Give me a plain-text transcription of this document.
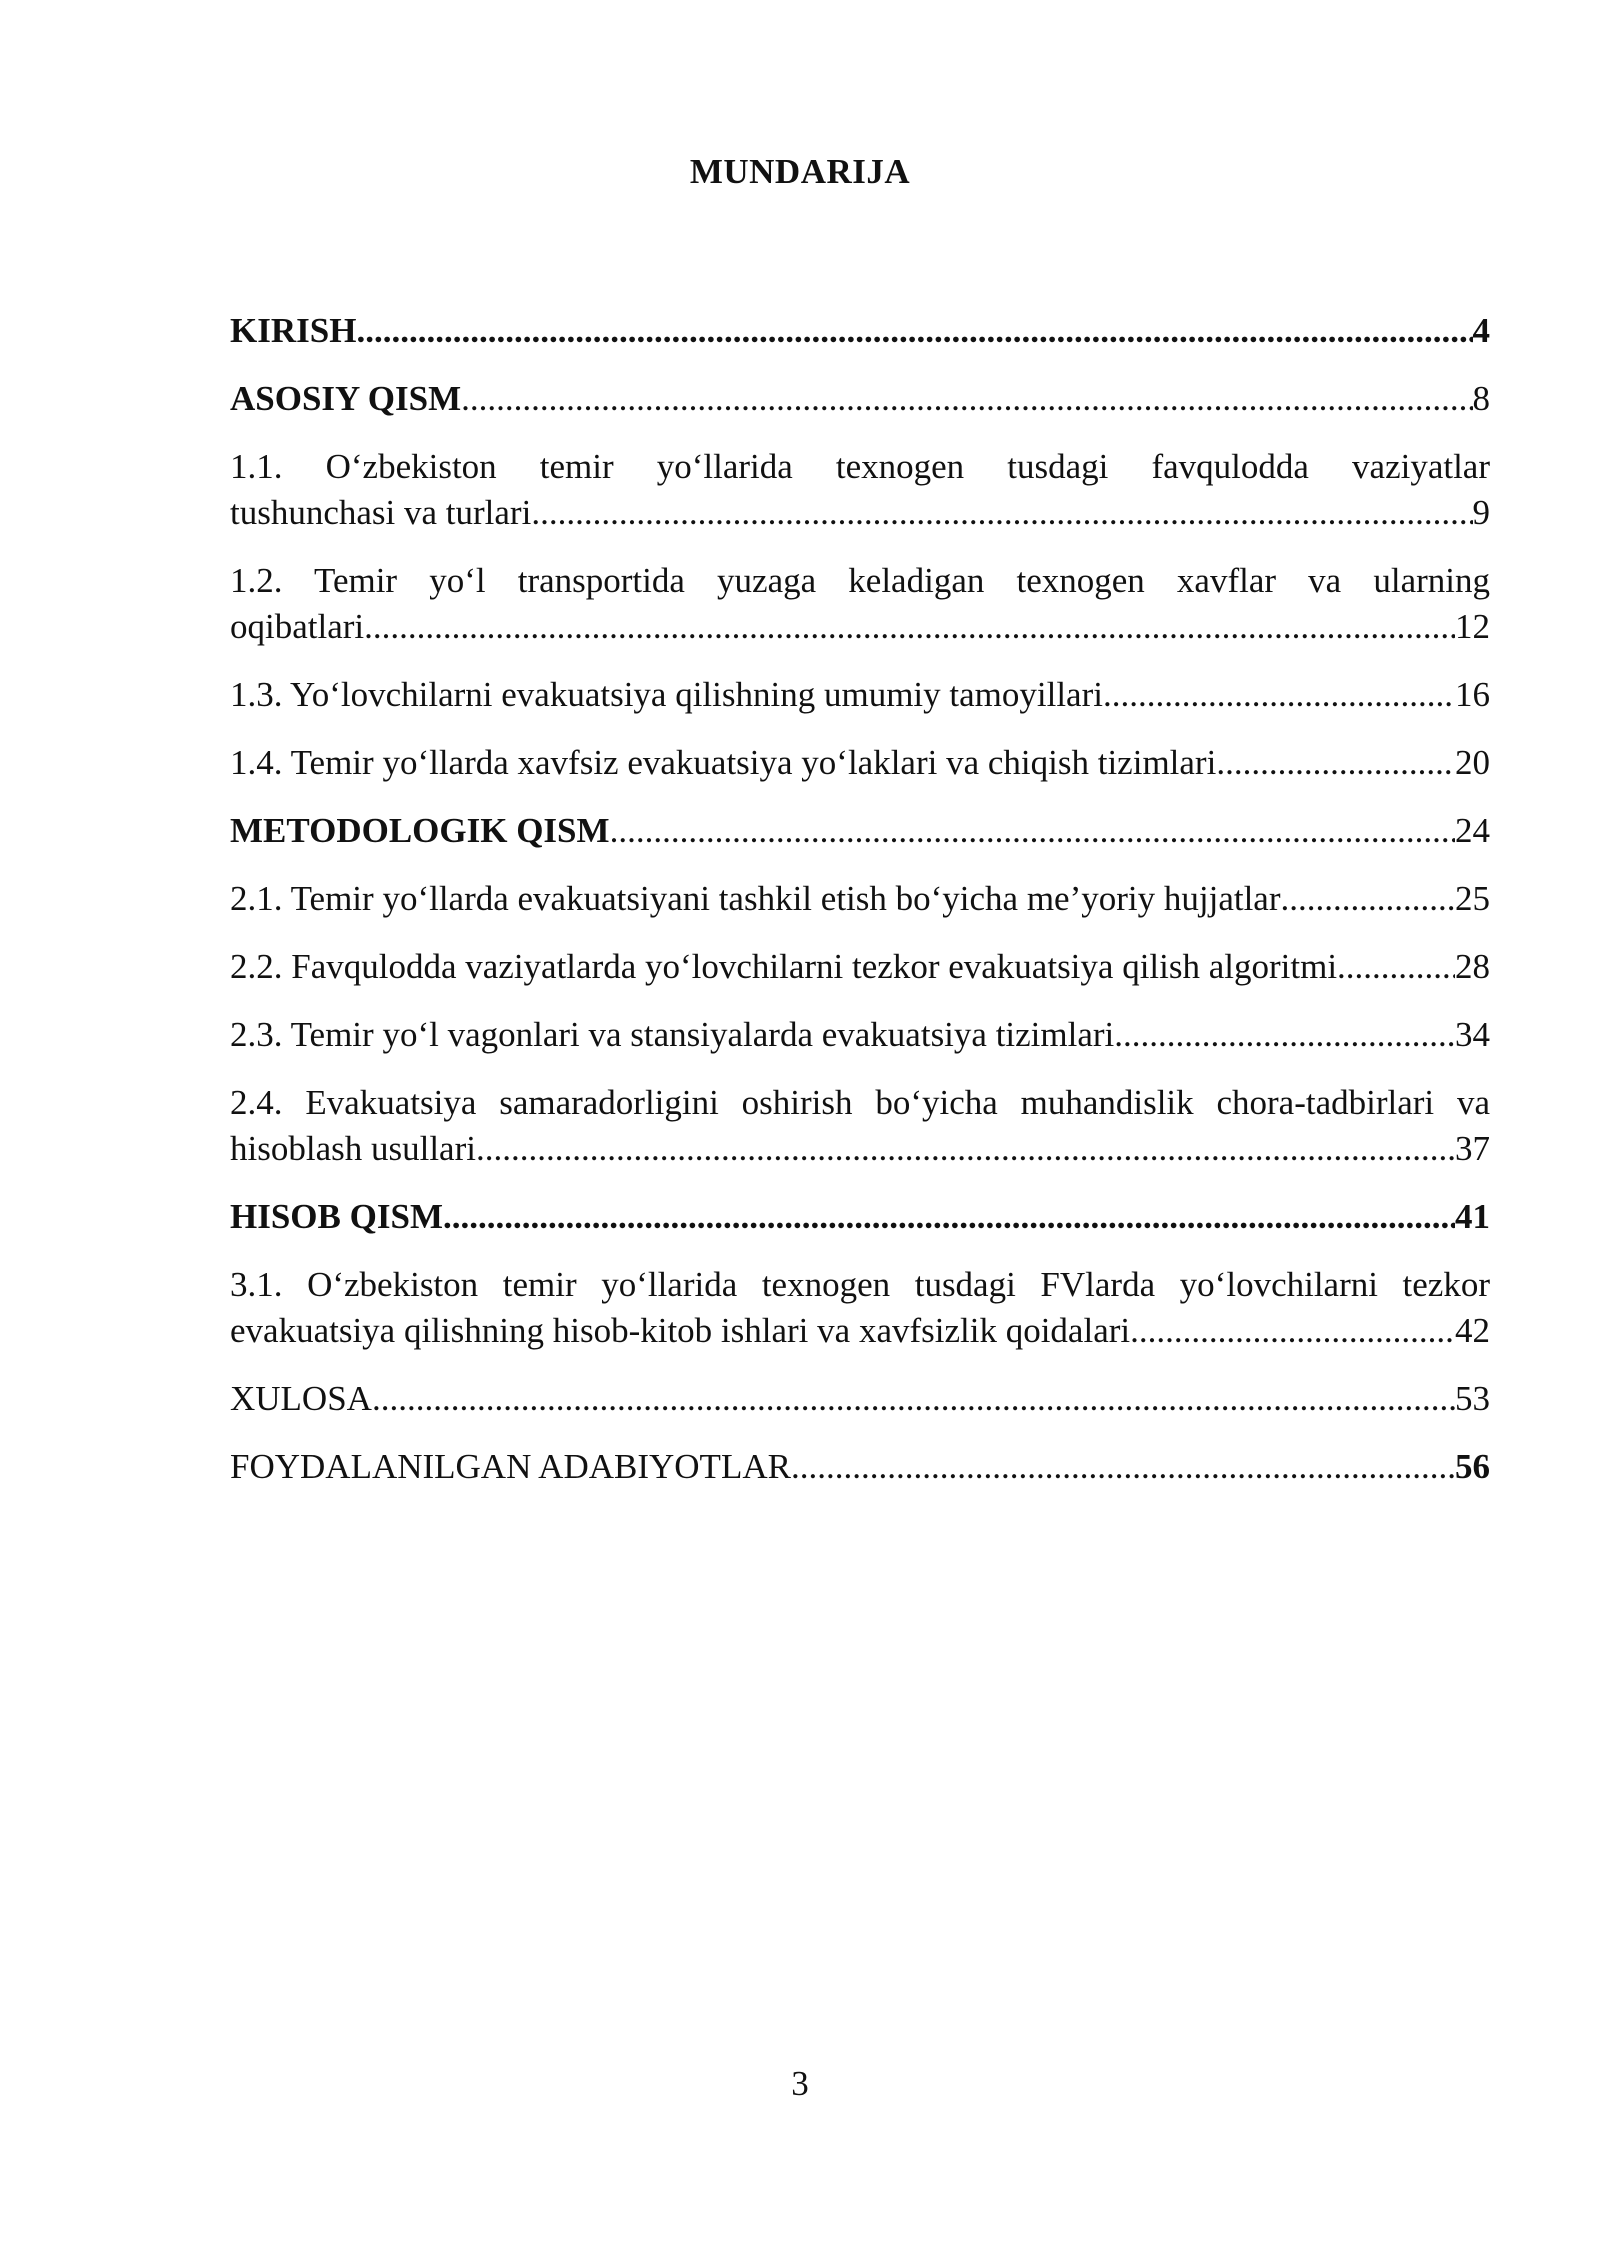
MUNDARIJA
KIRISH .....	4
ASOSIY QISM .....	8
1.1. O‘zbekiston temir yo‘llarida texnogen tusdagi favqulodda vaziyatlar
tushunchasi va turlari .....	9
1.2. Temir yo‘l transportida yuzaga keladigan texnogen xavflar va ularning
oqibatlari .....	12
1.3. Yo‘lovchilarni evakuatsiya qilishning umumiy tamoyillari .....	16
1.4. Temir yo‘llarda xavfsiz evakuatsiya yo‘laklari va chiqish tizimlari .....	20
METODOLOGIK QISM .....	24
2.1. Temir yo‘llarda evakuatsiyani tashkil etish bo‘yicha me’yoriy hujjatlar .....	25
2.2. Favqulodda vaziyatlarda yo‘lovchilarni tezkor evakuatsiya qilish algoritmi .....	28
2.3. Temir yo‘l vagonlari va stansiyalarda evakuatsiya tizimlari .....	34
2.4. Evakuatsiya samaradorligini oshirish bo‘yicha muhandislik chora-tadbirlari va
hisoblash usullari .....	37
HISOB QISM .....	41
3.1. O‘zbekiston temir yo‘llarida texnogen tusdagi FVlarda yo‘lovchilarni tezkor
evakuatsiya qilishning hisob-kitob ishlari va xavfsizlik qoidalari .....	42
XULOSA .....	53
FOYDALANILGAN ADABIYOTLAR .....	56
3
